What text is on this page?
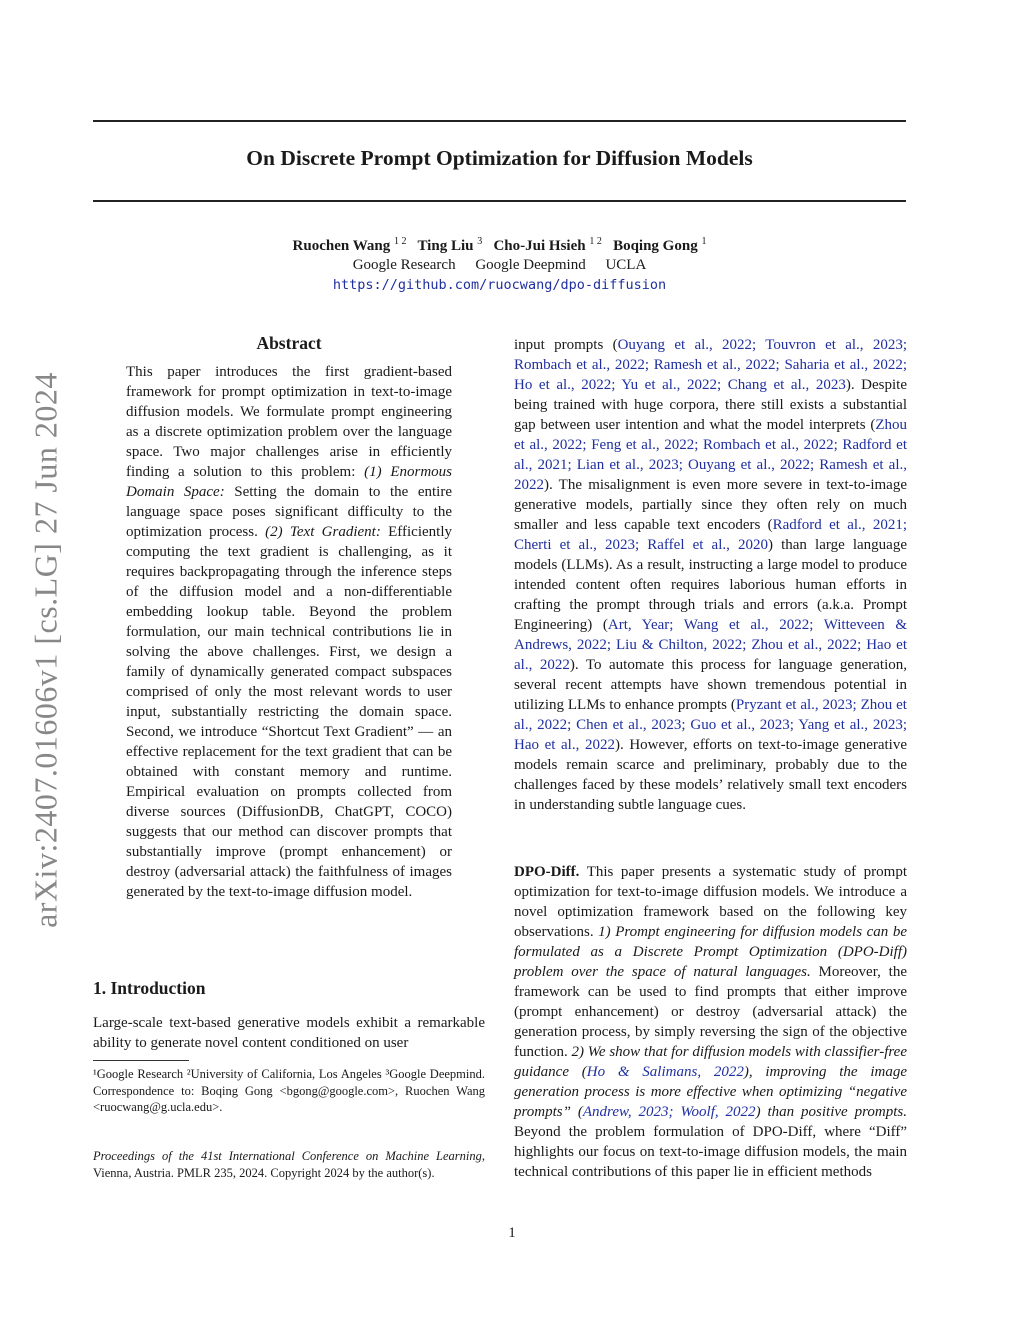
On Discrete Prompt Optimization for Diffusion Models
Ruochen Wang $^{1 2}$ Ting Liu $^3$ Cho-Jui Hsieh $^{1 2}$ Boqing Gong $^1$
Google Research Google Deepmind UCLA
https://github.com/ruocwang/dpo-diffusion
arXiv:2407.01606v1 [cs.LG] 27 Jun 2024
Abstract
This paper introduces the first gradient-based framework for prompt optimization in text-to-image diffusion models. We formulate prompt engineering as a discrete optimization problem over the language space. Two major challenges arise in efficiently finding a solution to this problem: (1) Enormous Domain Space: Setting the domain to the entire language space poses significant difficulty to the optimization process. (2) Text Gradient: Efficiently computing the text gradient is challenging, as it requires backpropagating through the inference steps of the diffusion model and a non-differentiable embedding lookup table. Beyond the problem formulation, our main technical contributions lie in solving the above challenges. First, we design a family of dynamically generated compact subspaces comprised of only the most relevant words to user input, substantially restricting the domain space. Second, we introduce “Shortcut Text Gradient” — an effective replacement for the text gradient that can be obtained with constant memory and runtime. Empirical evaluation on prompts collected from diverse sources (DiffusionDB, ChatGPT, COCO) suggests that our method can discover prompts that substantially improve (prompt enhancement) or destroy (adversarial attack) the faithfulness of images generated by the text-to-image diffusion model.
1. Introduction
Large-scale text-based generative models exhibit a remarkable ability to generate novel content conditioned on user
¹Google Research ²University of California, Los Angeles ³Google Deepmind. Correspondence to: Boqing Gong <bgong@google.com>, Ruochen Wang <ruocwang@g.ucla.edu>.
Proceedings of the 41st International Conference on Machine Learning, Vienna, Austria. PMLR 235, 2024. Copyright 2024 by the author(s).
input prompts (Ouyang et al., 2022; Touvron et al., 2023; Rombach et al., 2022; Ramesh et al., 2022; Saharia et al., 2022; Ho et al., 2022; Yu et al., 2022; Chang et al., 2023). Despite being trained with huge corpora, there still exists a substantial gap between user intention and what the model interprets (Zhou et al., 2022; Feng et al., 2022; Rombach et al., 2022; Radford et al., 2021; Lian et al., 2023; Ouyang et al., 2022; Ramesh et al., 2022). The misalignment is even more severe in text-to-image generative models, partially since they often rely on much smaller and less capable text encoders (Radford et al., 2021; Cherti et al., 2023; Raffel et al., 2020) than large language models (LLMs). As a result, instructing a large model to produce intended content often requires laborious human efforts in crafting the prompt through trials and errors (a.k.a. Prompt Engineering) (Art, Year; Wang et al., 2022; Witteveen & Andrews, 2022; Liu & Chilton, 2022; Zhou et al., 2022; Hao et al., 2022). To automate this process for language generation, several recent attempts have shown tremendous potential in utilizing LLMs to enhance prompts (Pryzant et al., 2023; Zhou et al., 2022; Chen et al., 2023; Guo et al., 2023; Yang et al., 2023; Hao et al., 2022). However, efforts on text-to-image generative models remain scarce and preliminary, probably due to the challenges faced by these models’ relatively small text encoders in understanding subtle language cues.
DPO-Diff. This paper presents a systematic study of prompt optimization for text-to-image diffusion models. We introduce a novel optimization framework based on the following key observations. 1) Prompt engineering for diffusion models can be formulated as a Discrete Prompt Optimization (DPO-Diff) problem over the space of natural languages. Moreover, the framework can be used to find prompts that either improve (prompt enhancement) or destroy (adversarial attack) the generation process, by simply reversing the sign of the objective function. 2) We show that for diffusion models with classifier-free guidance (Ho & Salimans, 2022), improving the image generation process is more effective when optimizing “negative prompts” (Andrew, 2023; Woolf, 2022) than positive prompts. Beyond the problem formulation of DPO-Diff, where “Diff” highlights our focus on text-to-image diffusion models, the main technical contributions of this paper lie in efficient methods
1
